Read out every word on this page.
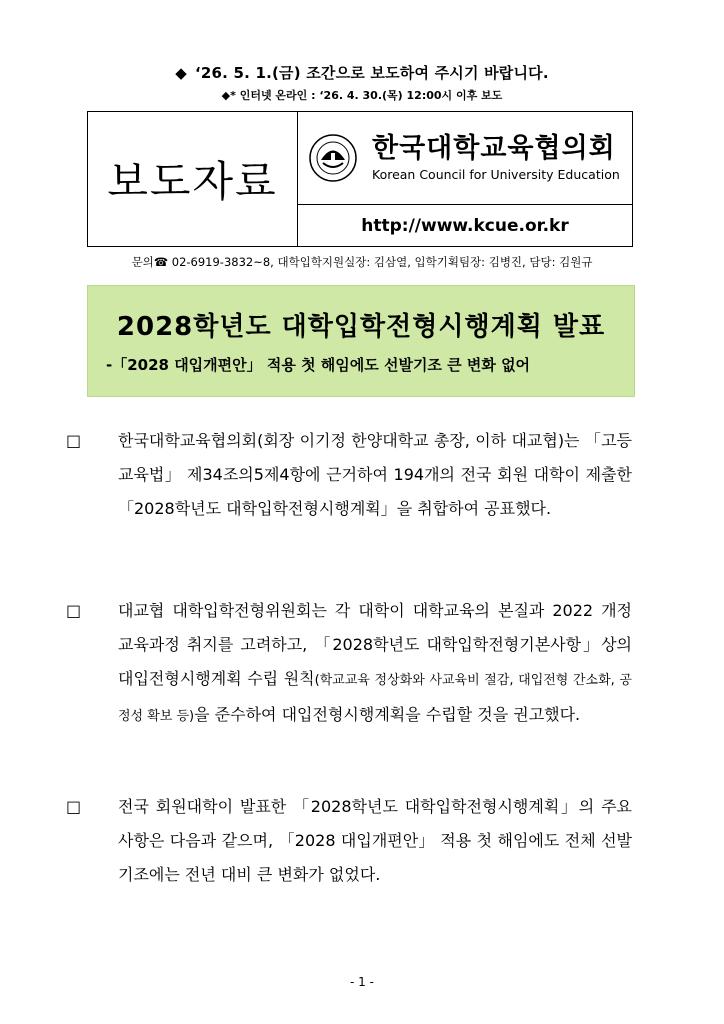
◆ ‘26. 5. 1.(금) 조간으로 보도하여 주시기 바랍니다.
◆* 인터넷 온라인 : ‘26. 4. 30.(목) 12:00시 이후 보도
보도자료
한국대학교육협의회
Korean Council for University Education
http://www.kcue.or.kr
문의☎ 02-6919-3832~8, 대학입학지원실장: 김삼열, 입학기획팀장: 김병진, 담당: 김원규
2028학년도 대학입학전형시행계획 발표
-「2028 대입개편안」 적용 첫 해임에도 선발기조 큰 변화 없어
□ 한국대학교육협의회(회장 이기정 한양대학교 총장, 이하 대교협)는 「고등교육법」 제34조의5제4항에 근거하여 194개의 전국 회원 대학이 제출한 「2028학년도 대학입학전형시행계획」을 취합하여 공표했다.
□ 대교협 대학입학전형위원회는 각 대학이 대학교육의 본질과 2022 개정 교육과정 취지를 고려하고, 「2028학년도 대학입학전형기본사항」상의 대입전형시행계획 수립 원칙(학교교육 정상화와 사교육비 절감, 대입전형 간소화, 공정성 확보 등)을 준수하여 대입전형시행계획을 수립할 것을 권고했다.
□ 전국 회원대학이 발표한 「2028학년도 대학입학전형시행계획」의 주요 사항은 다음과 같으며, 「2028 대입개편안」 적용 첫 해임에도 전체 선발 기조에는 전년 대비 큰 변화가 없었다.
- 1 -
